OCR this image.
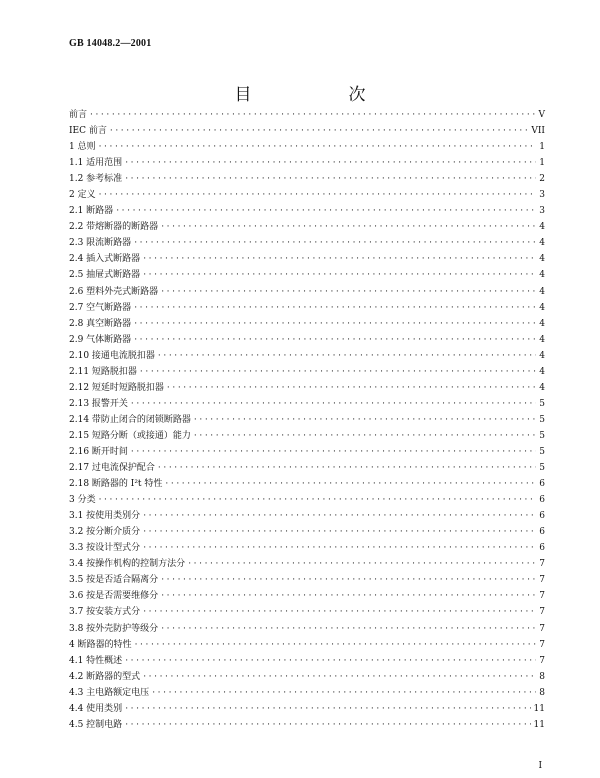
GB 14048.2—2001
目　次
前言 ·····	V
IEC 前言 ·····	VII
1 总则 ·····	1
1.1 适用范围 ·····	1
1.2 参考标准 ·····	2
2 定义 ·····	3
2.1 断路器 ·····	3
2.2 带熔断器的断路器 ·····	4
2.3 限流断路器 ·····	4
2.4 插入式断路器 ·····	4
2.5 抽屉式断路器 ·····	4
2.6 塑料外壳式断路器 ·····	4
2.7 空气断路器 ·····	4
2.8 真空断路器 ·····	4
2.9 气体断路器 ·····	4
2.10 接通电流脱扣器 ·····	4
2.11 短路脱扣器 ·····	4
2.12 短延时短路脱扣器 ·····	4
2.13 报警开关 ·····	5
2.14 带防止闭合的闭锁断路器 ·····	5
2.15 短路分断（或接通）能力 ·····	5
2.16 断开时间 ·····	5
2.17 过电流保护配合 ·····	5
2.18 断路器的 I²t 特性 ·····	6
3 分类 ·····	6
3.1 按使用类别分 ·····	6
3.2 按分断介质分 ·····	6
3.3 按设计型式分 ·····	6
3.4 按操作机构的控制方法分 ·····	7
3.5 按是否适合隔离分 ·····	7
3.6 按是否需要维修分 ·····	7
3.7 按安装方式分 ·····	7
3.8 按外壳防护等级分 ·····	7
4 断路器的特性 ·····	7
4.1 特性概述 ·····	7
4.2 断路器的型式 ·····	8
4.3 主电路额定电压 ·····	8
4.4 使用类别 ·····	11
4.5 控制电路 ·····	11
I
